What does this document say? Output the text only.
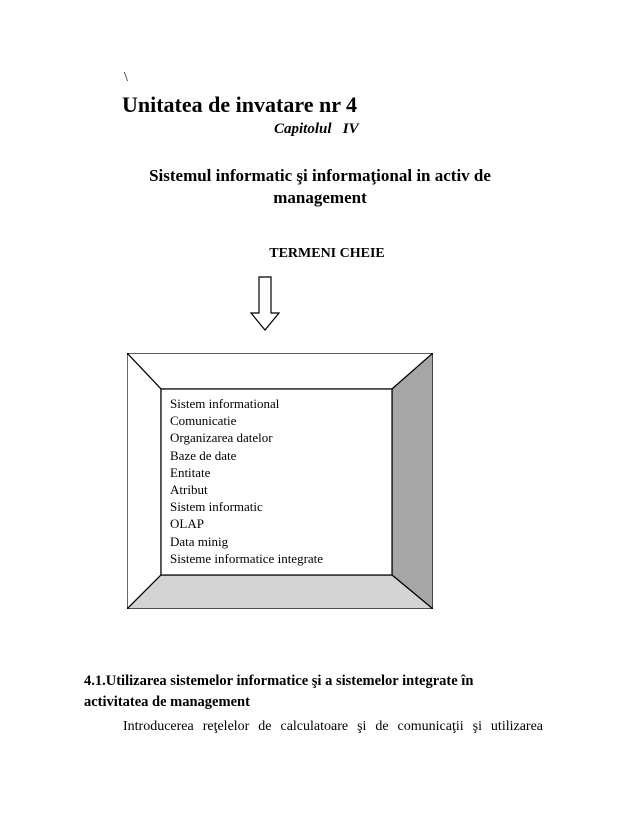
\
Unitatea de invatare nr 4
Capitolul   IV
Sistemul informatic şi informaţional in activ de
management
TERMENI CHEIE
Sistem informational
Comunicatie
Organizarea datelor
Baze de date
Entitate
Atribut
Sistem informatic
OLAP
Data minig
Sisteme informatice integrate
4.1.Utilizarea sistemelor informatice şi a sistemelor integrate în
activitatea de management
Introducerea reţelelor de calculatoare şi de comunicaţii şi utilizarea
